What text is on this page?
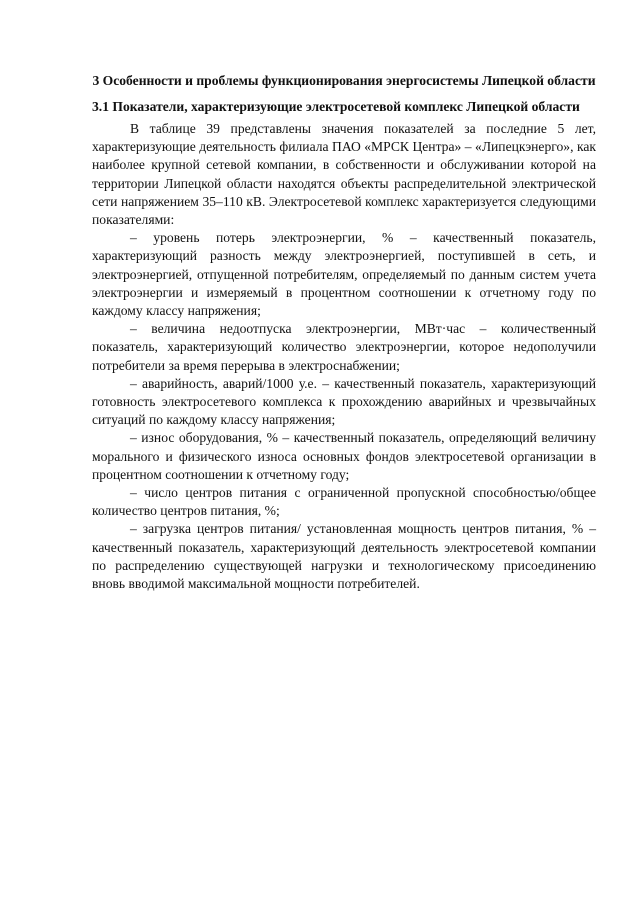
3 Особенности и проблемы функционирования энергосистемы Липецкой области
3.1 Показатели, характеризующие электросетевой комплекс Липецкой области

В таблице 39 представлены значения показателей за последние 5 лет, характеризующие деятельность филиала ПАО «МРСК Центра» – «Липецкэнерго», как наиболее крупной сетевой компании, в собственности и обслуживании которой на территории Липецкой области находятся объекты распределительной электрической сети напряжением 35–110 кВ. Электросетевой комплекс характеризуется следующими показателями:

– уровень потерь электроэнергии, % – качественный показатель, характеризующий разность между электроэнергией, поступившей в сеть, и электроэнергией, отпущенной потребителям, определяемый по данным систем учета электроэнергии и измеряемый в процентном соотношении к отчетному году по каждому классу напряжения;
– величина недоотпуска электроэнергии, МВт·час – количественный показатель, характеризующий количество электроэнергии, которое недополучили потребители за время перерыва в электроснабжении;
– аварийность, аварий/1000 у.е. – качественный показатель, характеризующий готовность электросетевого комплекса к прохождению аварийных и чрезвычайных ситуаций по каждому классу напряжения;
– износ оборудования, % – качественный показатель, определяющий величину морального и физического износа основных фондов электросетевой организации в процентном соотношении к отчетному году;
– число центров питания с ограниченной пропускной способностью/общее количество центров питания, %;
– загрузка центров питания/ установленная мощность центров питания, % – качественный показатель, характеризующий деятельность электросетевой компании по распределению существующей нагрузки и технологическому присоединению вновь вводимой максимальной мощности потребителей.
